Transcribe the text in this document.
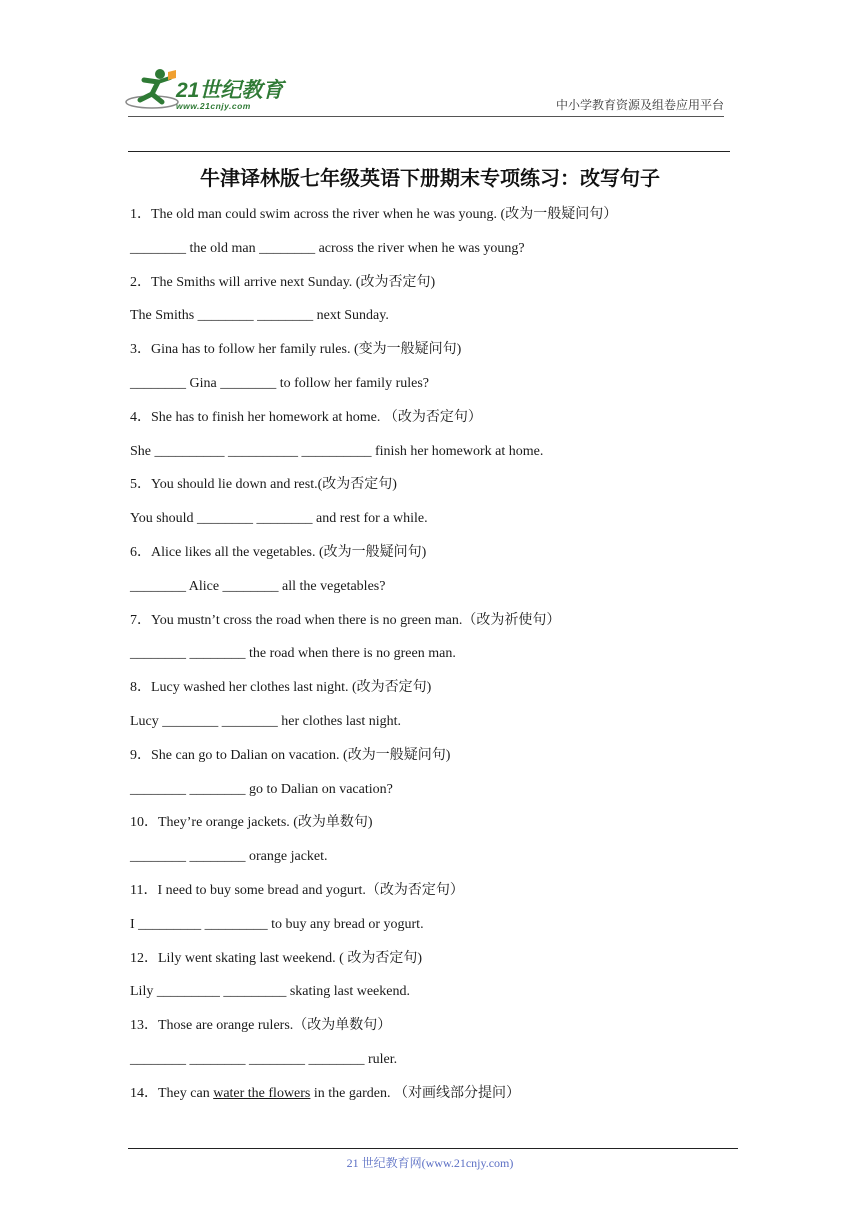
21世纪教育
www.21cnjy.com	中小学教育资源及组卷应用平台
牛津译林版七年级英语下册期末专项练习：改写句子
1．The old man could swim across the river when he was young. (改为一般疑问句）
________ the old man ________ across the river when he was young?
2．The Smiths will arrive next Sunday. (改为否定句)
The Smiths ________ ________ next Sunday.
3．Gina has to follow her family rules. (变为一般疑问句)
________ Gina ________ to follow her family rules?
4．She has to finish her homework at home. （改为否定句）
She __________ __________ __________ finish her homework at home.
5．You should lie down and rest.(改为否定句)
You should ________ ________ and rest for a while.
6．Alice likes all the vegetables. (改为一般疑问句)
________ Alice ________ all the vegetables?
7．You mustn’t cross the road when there is no green man.（改为祈使句）
________ ________ the road when there is no green man.
8．Lucy washed her clothes last night. (改为否定句)
Lucy ________ ________ her clothes last night.
9．She can go to Dalian on vacation. (改为一般疑问句)
________ ________ go to Dalian on vacation?
10．They’re orange jackets. (改为单数句)
________ ________ orange jacket.
11．I need to buy some bread and yogurt.（改为否定句）
I _________ _________ to buy any bread or yogurt.
12．Lily went skating last weekend. ( 改为否定句)
Lily _________ _________ skating last weekend.
13．Those are orange rulers.（改为单数句）
________ ________ ________ ________ ruler.
14．They can water the flowers in the garden. （对画线部分提问）
21 世纪教育网(www.21cnjy.com)
